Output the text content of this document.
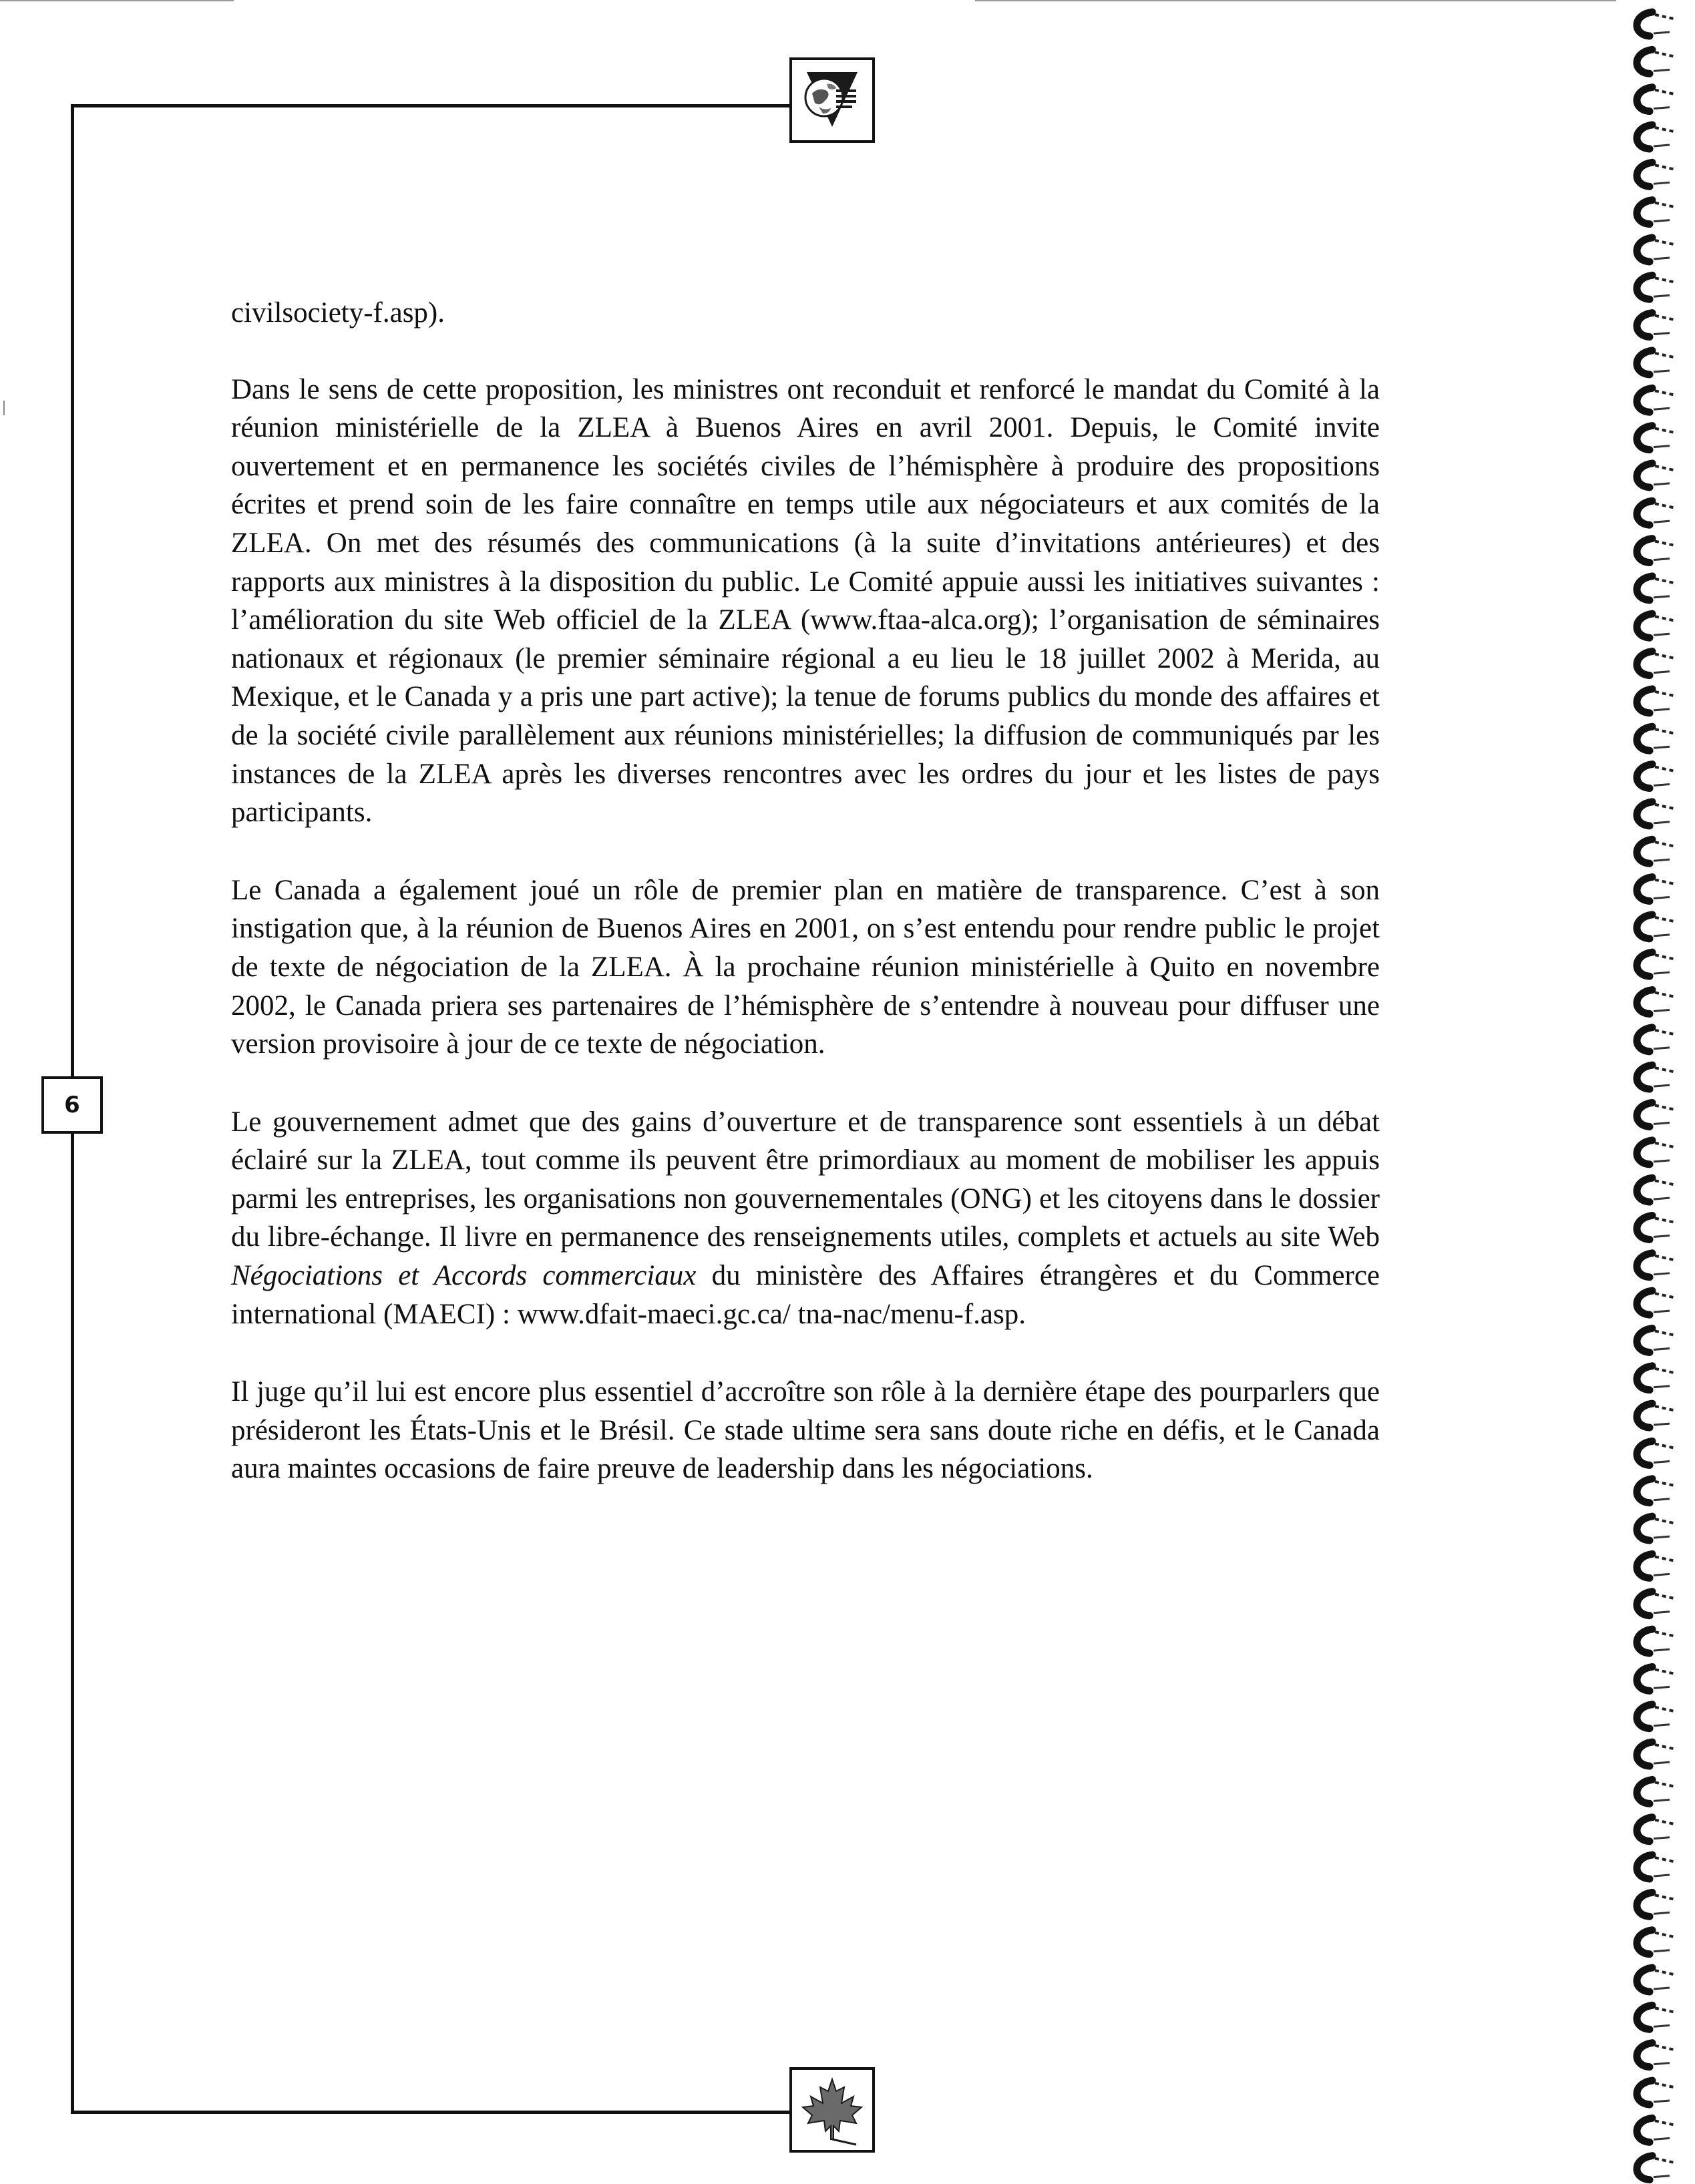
6

civilsociety-f.asp).

Dans le sens de cette proposition, les ministres ont reconduit et renforcé le mandat du Comité à la réunion ministérielle de la ZLEA à Buenos Aires en avril 2001. Depuis, le Comité invite ouvertement et en permanence les sociétés civiles de l’hémisphère à produire des propositions écrites et prend soin de les faire connaître en temps utile aux négociateurs et aux comités de la ZLEA. On met des résumés des communications (à la suite d’invitations antérieures) et des rapports aux ministres à la disposition du public. Le Comité appuie aussi les initiatives suivantes : l’amélioration du site Web officiel de la ZLEA (www.ftaa-alca.org); l’organisation de séminaires nationaux et régionaux (le premier séminaire régional a eu lieu le 18 juillet 2002 à Merida, au Mexique, et le Canada y a pris une part active); la tenue de forums publics du monde des affaires et de la société civile parallèlement aux réunions ministérielles; la diffusion de communiqués par les instances de la ZLEA après les diverses rencontres avec les ordres du jour et les listes de pays participants.

Le Canada a également joué un rôle de premier plan en matière de transparence. C’est à son instigation que, à la réunion de Buenos Aires en 2001, on s’est entendu pour rendre public le projet de texte de négociation de la ZLEA. À la prochaine réunion ministérielle à Quito en novembre 2002, le Canada priera ses partenaires de l’hémisphère de s’entendre à nouveau pour diffuser une version provisoire à jour de ce texte de négociation.

Le gouvernement admet que des gains d’ouverture et de transparence sont essentiels à un débat éclairé sur la ZLEA, tout comme ils peuvent être primordiaux au moment de mobiliser les appuis parmi les entreprises, les organisations non gouvernementales (ONG) et les citoyens dans le dossier du libre-échange. Il livre en permanence des renseignements utiles, complets et actuels au site Web Négociations et Accords commerciaux du ministère des Affaires étrangères et du Commerce international (MAECI) : www.dfait-maeci.gc.ca/ tna-nac/menu-f.asp.

Il juge qu’il lui est encore plus essentiel d’accroître son rôle à la dernière étape des pourparlers que présideront les États-Unis et le Brésil. Ce stade ultime sera sans doute riche en défis, et le Canada aura maintes occasions de faire preuve de leadership dans les négociations.
